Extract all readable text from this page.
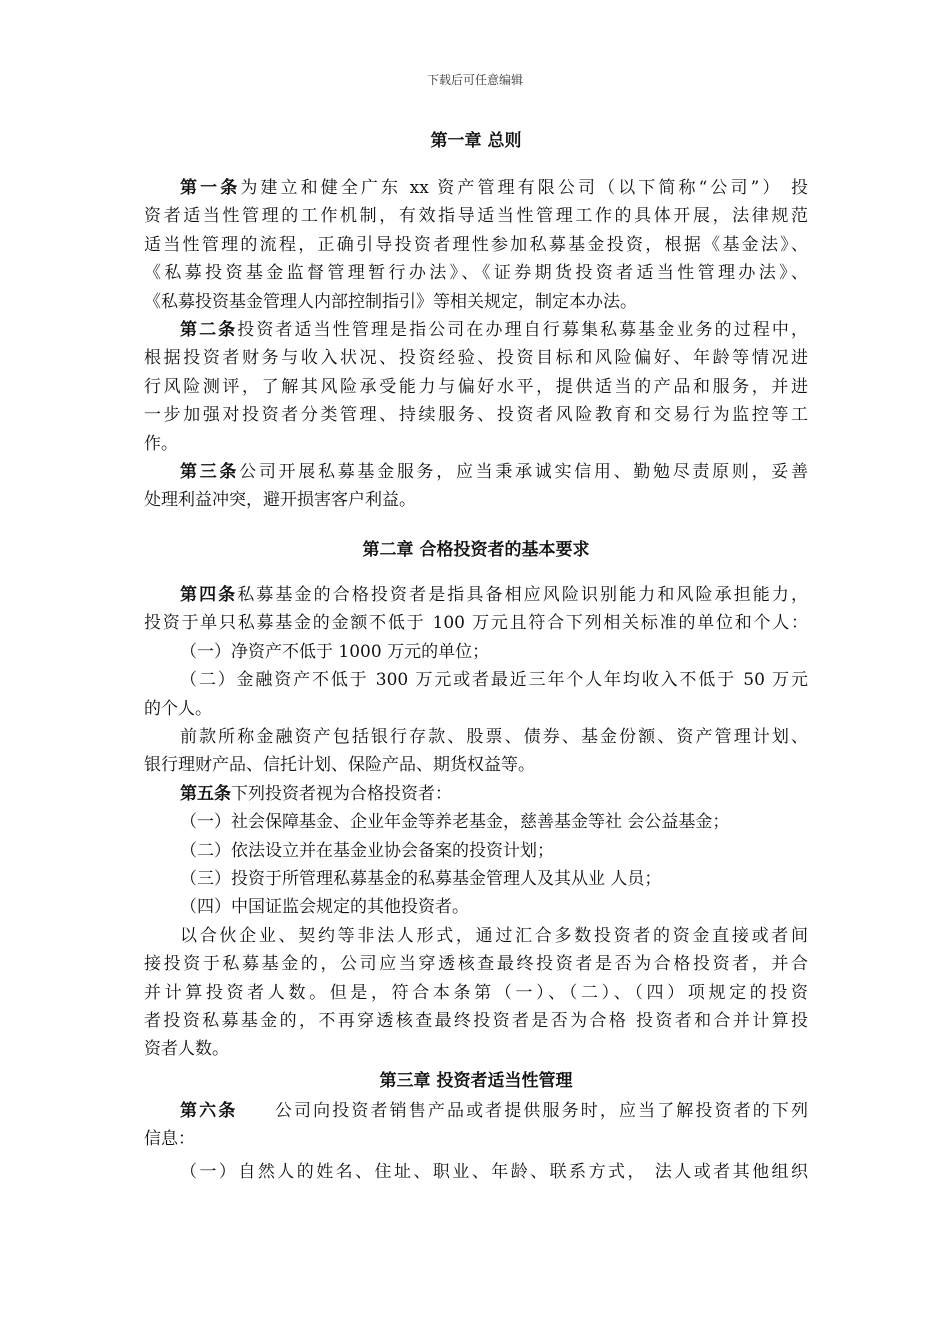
下载后可任意编辑
第一章 总则
第一条为建立和健全广东 xx 资产管理有限公司（以下简称“公司”） 投
资者适当性管理的工作机制，有效指导适当性管理工作的具体开展，法律规范
适当性管理的流程，正确引导投资者理性参加私募基金投资，根据《基金法》、
《私募投资基金监督管理暂行办法》、《证券期货投资者适当性管理办法》、
《私募投资基金管理人内部控制指引》等相关规定，制定本办法。
第二条投资者适当性管理是指公司在办理自行募集私募基金业务的过程中，
根据投资者财务与收入状况、投资经验、投资目标和风险偏好、年龄等情况进
行风险测评，了解其风险承受能力与偏好水平，提供适当的产品和服务，并进
一步加强对投资者分类管理、持续服务、投资者风险教育和交易行为监控等工
作。
第三条公司开展私募基金服务，应当秉承诚实信用、勤勉尽责原则，妥善
处理利益冲突，避开损害客户利益。
第二章 合格投资者的基本要求
第四条私募基金的合格投资者是指具备相应风险识别能力和风险承担能力，
投资于单只私募基金的金额不低于 100 万元且符合下列相关标准的单位和个人：
（一）净资产不低于 1000 万元的单位；
（二）金融资产不低于 300 万元或者最近三年个人年均收入不低于 50 万元
的个人。
前款所称金融资产包括银行存款、股票、债券、基金份额、资产管理计划、
银行理财产品、信托计划、保险产品、期货权益等。
第五条下列投资者视为合格投资者：
（一）社会保障基金、企业年金等养老基金，慈善基金等社 会公益基金；
（二）依法设立并在基金业协会备案的投资计划；
（三）投资于所管理私募基金的私募基金管理人及其从业 人员；
（四）中国证监会规定的其他投资者。
以合伙企业、契约等非法人形式，通过汇合多数投资者的资金直接或者间
接投资于私募基金的，公司应当穿透核查最终投资者是否为合格投资者，并合
并计算投资者人数。但是，符合本条第（一）、（二）、（四）项规定的投资
者投资私募基金的，不再穿透核查最终投资者是否为合格 投资者和合并计算投
资者人数。
第三章 投资者适当性管理
第六条     公司向投资者销售产品或者提供服务时，应当了解投资者的下列
信息：
（一）自然人的姓名、住址、职业、年龄、联系方式， 法人或者其他组织
